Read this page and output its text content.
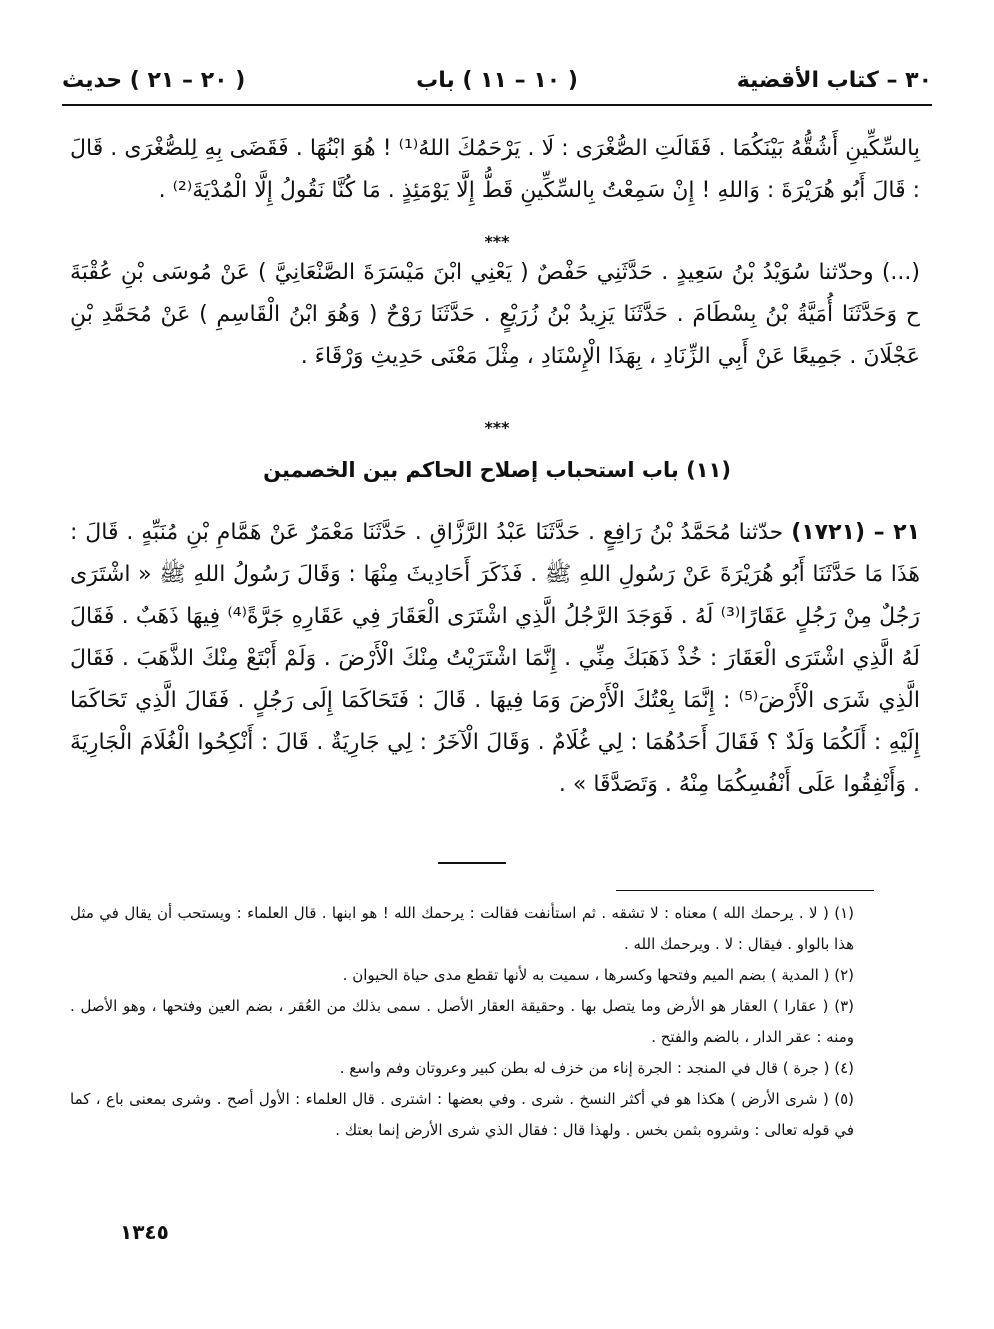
٣٠ – كتاب الأقضية
( ١٠ – ١١ ) باب
( ٢٠ – ٢١ ) حديث
بِالسِّكِّينِ أَشُقُّهُ بَيْنَكُمَا . فَقَالَتِ الصُّغْرَى : لَا . يَرْحَمُكَ اللهُ⁽¹⁾ ! هُوَ ابْنُهَا . فَقَضَى بِهِ لِلصُّغْرَى . قَالَ : قَالَ أَبُو هُرَيْرَةَ : وَاللهِ ! إِنْ سَمِعْتُ بِالسِّكِّينِ قَطُّ إِلَّا يَوْمَئِذٍ . مَا كُنَّا نَقُولُ إِلَّا الْمُدْيَةَ⁽²⁾ .
***
(...) وحدّثنا سُوَيْدُ بْنُ سَعِيدٍ . حَدَّثَنِي حَفْصٌ ( يَعْنِي ابْنَ مَيْسَرَةَ الصَّنْعَانِيَّ ) عَنْ مُوسَى بْنِ عُقْبَةَ ح وَحَدَّثَنَا أُمَيَّةُ بْنُ بِسْطَامَ . حَدَّثَنَا يَزِيدُ بْنُ زُرَيْعٍ . حَدَّثَنَا رَوْحٌ ( وَهُوَ ابْنُ الْقَاسِمِ ) عَنْ مُحَمَّدِ بْنِ عَجْلَانَ . جَمِيعًا عَنْ أَبِي الزِّنَادِ ، بِهَذَا الْإِسْنَادِ ، مِثْلَ مَعْنَى حَدِيثِ وَرْقَاءَ .
***
(١١) باب استحباب إصلاح الحاكم بين الخصمين
٢١ – (١٧٢١) حدّثنا مُحَمَّدُ بْنُ رَافِعٍ . حَدَّثَنَا عَبْدُ الرَّزَّاقِ . حَدَّثَنَا مَعْمَرٌ عَنْ هَمَّامِ بْنِ مُنَبِّهٍ . قَالَ : هَذَا مَا حَدَّثَنَا أَبُو هُرَيْرَةَ عَنْ رَسُولِ اللهِ ﷺ . فَذَكَرَ أَحَادِيثَ مِنْهَا : وَقَالَ رَسُولُ اللهِ ﷺ « اشْتَرَى رَجُلٌ مِنْ رَجُلٍ عَقَارًا⁽³⁾ لَهُ . فَوَجَدَ الرَّجُلُ الَّذِي اشْتَرَى الْعَقَارَ فِي عَقَارِهِ جَرَّةً⁽⁴⁾ فِيهَا ذَهَبٌ . فَقَالَ لَهُ الَّذِي اشْتَرَى الْعَقَارَ : خُذْ ذَهَبَكَ مِنِّي . إِنَّمَا اشْتَرَيْتُ مِنْكَ الْأَرْضَ . وَلَمْ أَبْتَعْ مِنْكَ الذَّهَبَ . فَقَالَ الَّذِي شَرَى الْأَرْضَ⁽⁵⁾ : إِنَّمَا بِعْتُكَ الْأَرْضَ وَمَا فِيهَا . قَالَ : فَتَحَاكَمَا إِلَى رَجُلٍ . فَقَالَ الَّذِي تَحَاكَمَا إِلَيْهِ : أَلَكُمَا وَلَدٌ ؟ فَقَالَ أَحَدُهُمَا : لِي غُلَامٌ . وَقَالَ الْآخَرُ : لِي جَارِيَةٌ . قَالَ : أَنْكِحُوا الْغُلَامَ الْجَارِيَةَ . وَأَنْفِقُوا عَلَى أَنْفُسِكُمَا مِنْهُ . وَتَصَدَّقَا » .

(١) ( لا . يرحمك الله ) معناه : لا تشقه . ثم استأنفت فقالت : يرحمك الله ! هو ابنها . قال العلماء : ويستحب أن يقال في مثل هذا بالواو . فيقال : لا . ويرحمك الله .

(٢) ( المدية ) بضم الميم وفتحها وكسرها ، سميت به لأنها تقطع مدى حياة الحيوان .

(٣) ( عقارا ) العقار هو الأرض وما يتصل بها . وحقيقة العقار الأصل . سمى بذلك من العُقر ، بضم العين وفتحها ، وهو الأصل . ومنه : عقر الدار ، بالضم والفتح .

(٤) ( جرة ) قال في المنجد : الجرة إناء من خزف له بطن كبير وعروتان وفم واسع .

(٥) ( شرى الأرض ) هكذا هو في أكثر النسخ . شرى . وفي بعضها : اشترى . قال العلماء : الأول أصح . وشرى بمعنى باع ، كما في قوله تعالى : وشروه بثمن بخس . ولهذا قال : فقال الذي شرى الأرض إنما بعتك .

١٣٤٥
